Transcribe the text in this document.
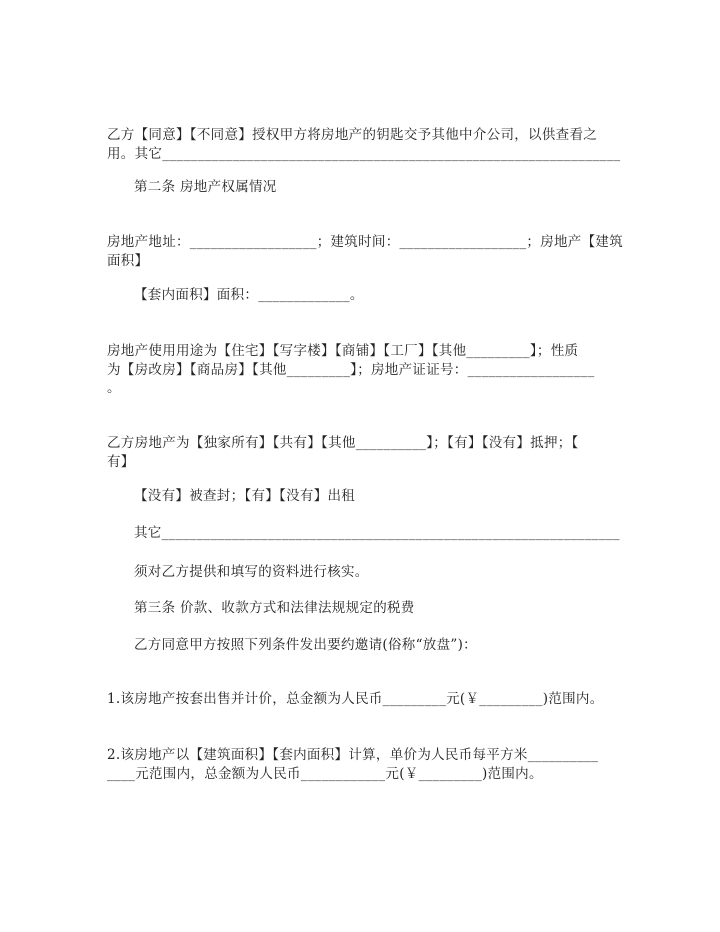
乙方【同意】【不同意】授权甲方将房地产的钥匙交予其他中介公司，以供查看之

用。其它_________________________________________________________________

第二条 房地产权属情况

房地产地址：__________________；建筑时间：__________________；房地产【建筑

面积】

【套内面积】面积：_____________。

房地产使用用途为【住宅】【写字楼】【商铺】【工厂】【其他_________】；性质

为【房改房】【商品房】【其他_________】；房地产证证号：__________________

。

乙方房地产为【独家所有】【共有】【其他__________】；【有】【没有】抵押；【

有】

【没有】被查封；【有】【没有】出租

其它_________________________________________________________________

须对乙方提供和填写的资料进行核实。

第三条 价款、收款方式和法律法规规定的税费

乙方同意甲方按照下列条件发出要约邀请(俗称“放盘”)：

1.该房地产按套出售并计价，总金额为人民币_________元(￥_________)范围内。

2.该房地产以【建筑面积】【套内面积】计算，单价为人民币每平方米__________

____元范围内，总金额为人民币____________元(￥_________)范围内。
